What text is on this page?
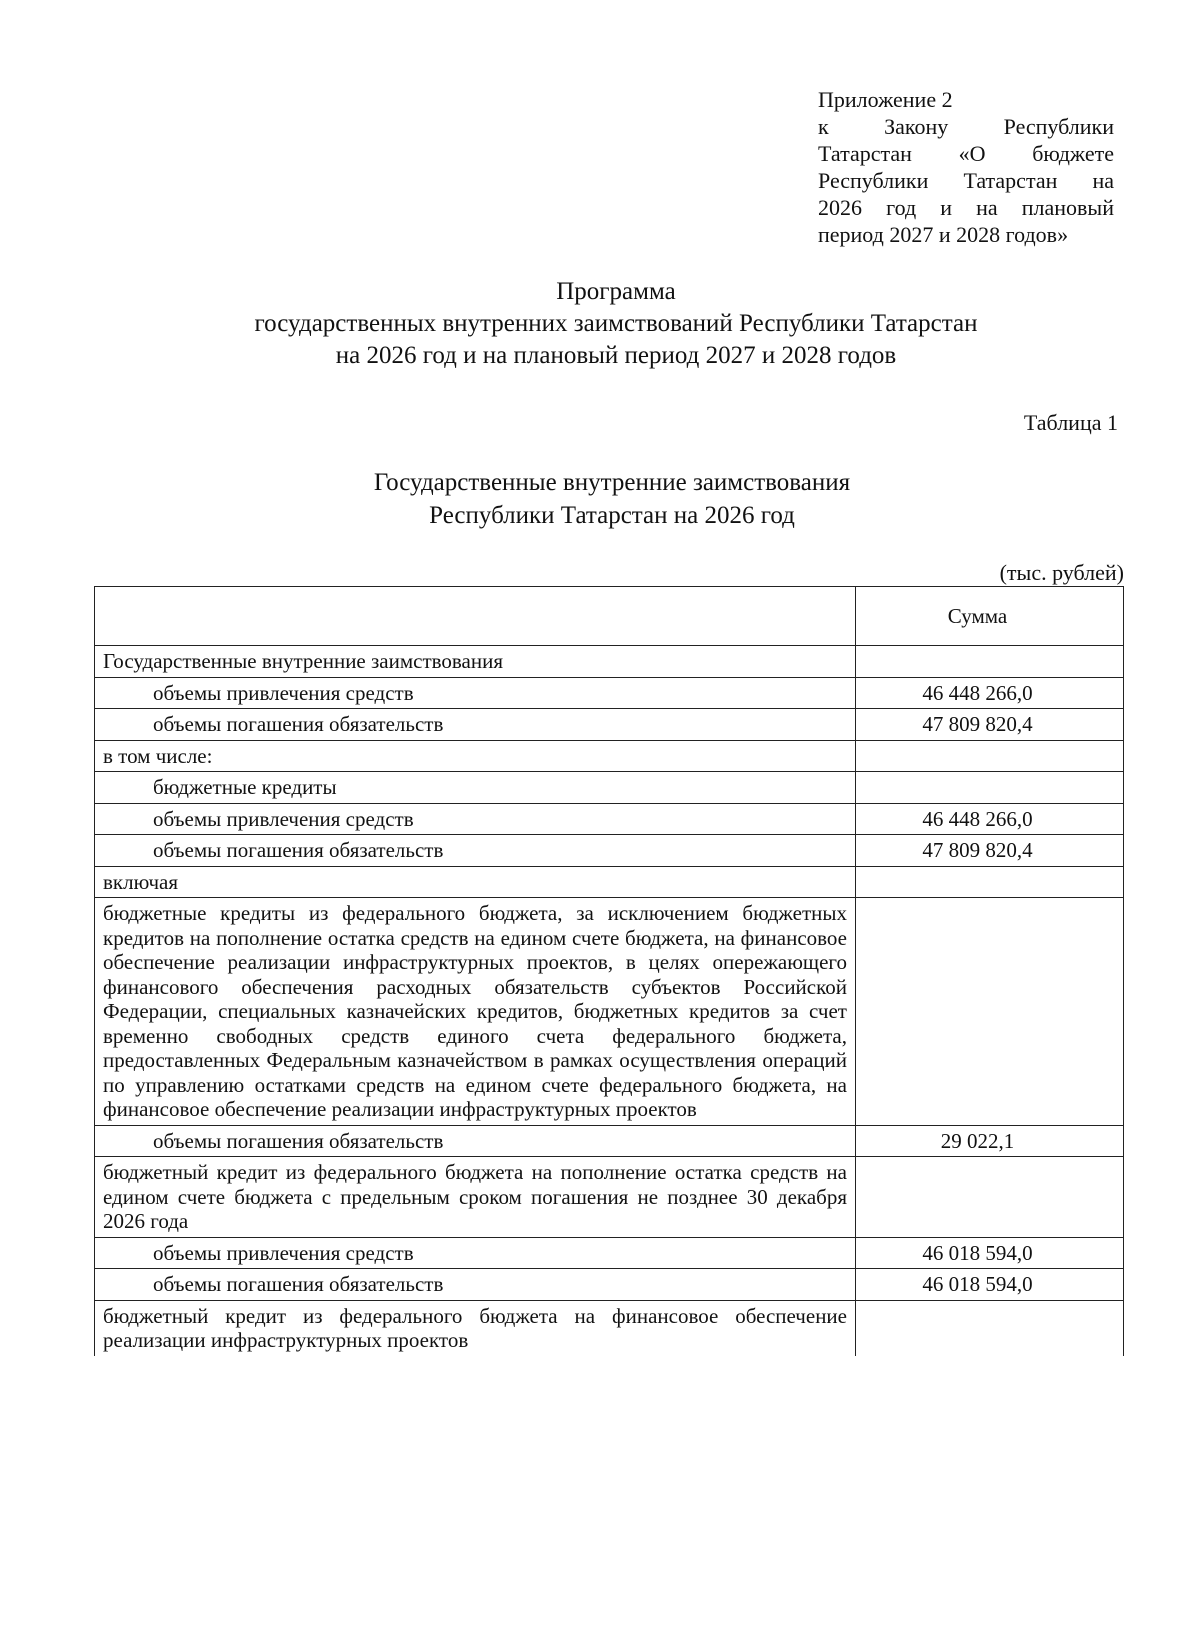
Приложение 2
к Закону Республики
Татарстан «О бюджете
Республики Татарстан на
2026 год и на плановый
период 2027 и 2028 годов»
Программа
государственных внутренних заимствований Республики Татарстан
на 2026 год и на плановый период 2027 и 2028 годов
Таблица 1
Государственные внутренние заимствования
Республики Татарстан на 2026 год
(тыс. рублей)
	Сумма
Государственные внутренние заимствования	
объемы привлечения средств	46 448 266,0
объемы погашения обязательств	47 809 820,4
в том числе:	
бюджетные кредиты	
объемы привлечения средств	46 448 266,0
объемы погашения обязательств	47 809 820,4
включая	
бюджетные кредиты из федерального бюджета, за исключением бюджетных кредитов на пополнение остатка средств на едином счете бюджета, на финансовое обеспечение реализации инфраструктурных проектов, в целях опережающего финансового обеспечения расходных обязательств субъектов Российской Федерации, специальных казначейских кредитов, бюджетных кредитов за счет временно свободных средств единого счета федерального бюджета, предоставленных Федеральным казначейством в рамках осуществления операций по управлению остатками средств на едином счете федерального бюджета, на финансовое обеспечение реализации инфраструктурных проектов	
объемы погашения обязательств	29 022,1
бюджетный кредит из федерального бюджета на пополнение остатка средств на едином счете бюджета с предельным сроком погашения не позднее 30 декабря 2026 года	
объемы привлечения средств	46 018 594,0
объемы погашения обязательств	46 018 594,0
бюджетный кредит из федерального бюджета на финансовое обеспечение реализации инфраструктурных проектов	
